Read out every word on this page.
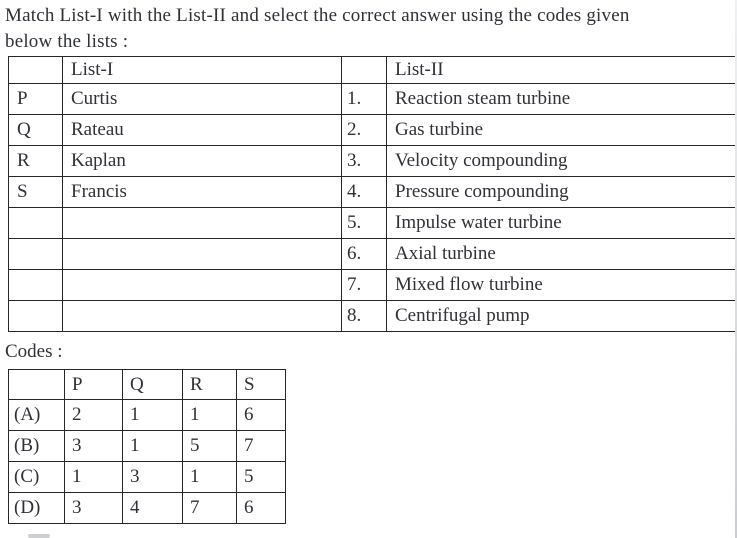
Match List-I with the List-II and select the correct answer using the codes given
below the lists :
	List-I		List-II
P	Curtis	1.	Reaction steam turbine
Q	Rateau	2.	Gas turbine
R	Kaplan	3.	Velocity compounding
S	Francis	4.	Pressure compounding
		5.	Impulse water turbine
		6.	Axial turbine
		7.	Mixed flow turbine
		8.	Centrifugal pump
Codes :
	P	Q	R	S
(A)	2	1	1	6
(B)	3	1	5	7
(C)	1	3	1	5
(D)	3	4	7	6
